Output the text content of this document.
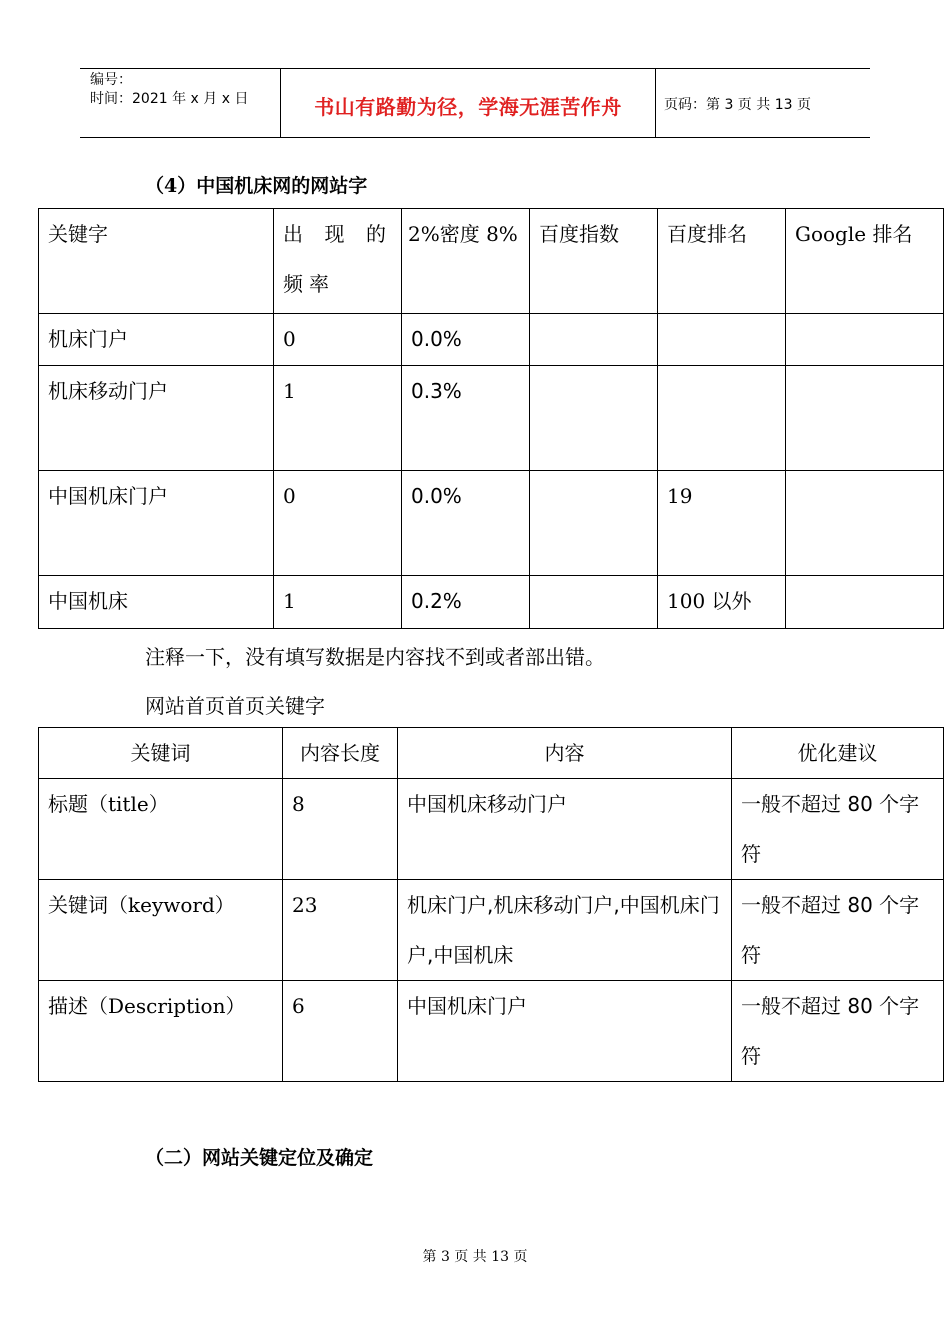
编号：
时间：2021 年 x 月 x 日	书山有路勤为径，学海无涯苦作舟	页码：第 3 页 共 13 页
（4）中国机床网的网站字
关键字	出 现 的 频率	2%密度 8%	百度指数	百度排名	Google 排名
机床门户	0	0.0%			
机床移动门户	1	0.3%			
中国机床门户	0	0.0%		19	
中国机床	1	0.2%		100 以外	
注释一下，没有填写数据是内容找不到或者部出错。
网站首页首页关键字
关键词	内容长度	内容	优化建议
标题（title）	8	中国机床移动门户	一般不超过 80 个字符
关键词（keyword）	23	机床门户,机床移动门户,中国机床门户,中国机床	一般不超过 80 个字符
描述（Description）	6	中国机床门户	一般不超过 80 个字符
（二）网站关键定位及确定
第 3 页 共 13 页
